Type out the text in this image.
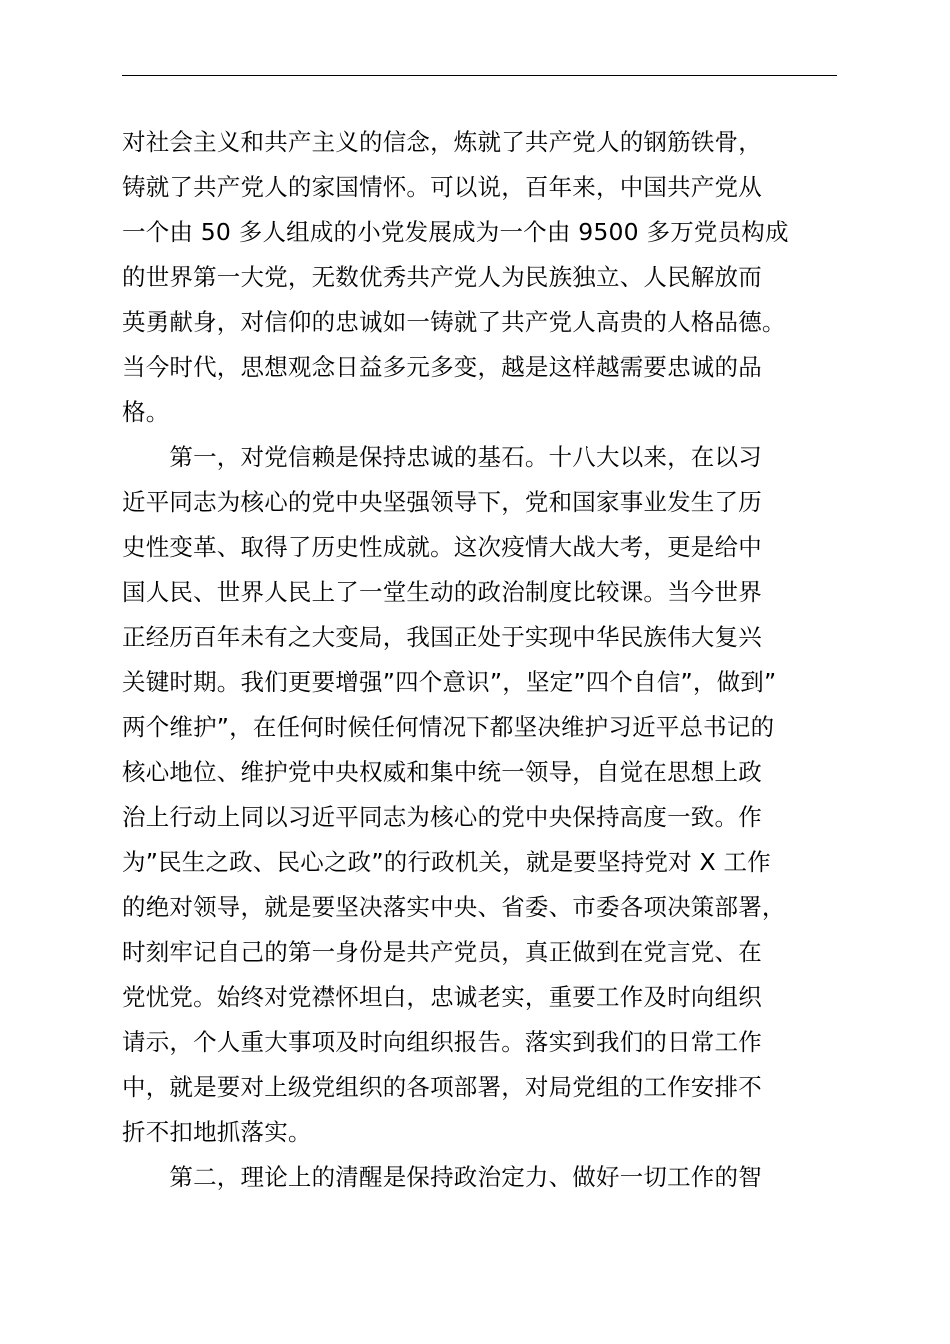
对社会主义和共产主义的信念，炼就了共产党人的钢筋铁骨，
铸就了共产党人的家国情怀。可以说，百年来，中国共产党从
一个由 50 多人组成的小党发展成为一个由 9500 多万党员构成
的世界第一大党，无数优秀共产党人为民族独立、人民解放而
英勇献身，对信仰的忠诚如一铸就了共产党人高贵的人格品德。
当今时代，思想观念日益多元多变，越是这样越需要忠诚的品
格。
　　第一，对党信赖是保持忠诚的基石。十八大以来，在以习
近平同志为核心的党中央坚强领导下，党和国家事业发生了历
史性变革、取得了历史性成就。这次疫情大战大考，更是给中
国人民、世界人民上了一堂生动的政治制度比较课。当今世界
正经历百年未有之大变局，我国正处于实现中华民族伟大复兴
关键时期。我们更要增强”四个意识”，坚定”四个自信”，做到”
两个维护”，在任何时候任何情况下都坚决维护习近平总书记的
核心地位、维护党中央权威和集中统一领导，自觉在思想上政
治上行动上同以习近平同志为核心的党中央保持高度一致。作
为”民生之政、民心之政”的行政机关，就是要坚持党对 X 工作
的绝对领导，就是要坚决落实中央、省委、市委各项决策部署，
时刻牢记自己的第一身份是共产党员，真正做到在党言党、在
党忧党。始终对党襟怀坦白，忠诚老实，重要工作及时向组织
请示，个人重大事项及时向组织报告。落实到我们的日常工作
中，就是要对上级党组织的各项部署，对局党组的工作安排不
折不扣地抓落实。
　　第二，理论上的清醒是保持政治定力、做好一切工作的智
